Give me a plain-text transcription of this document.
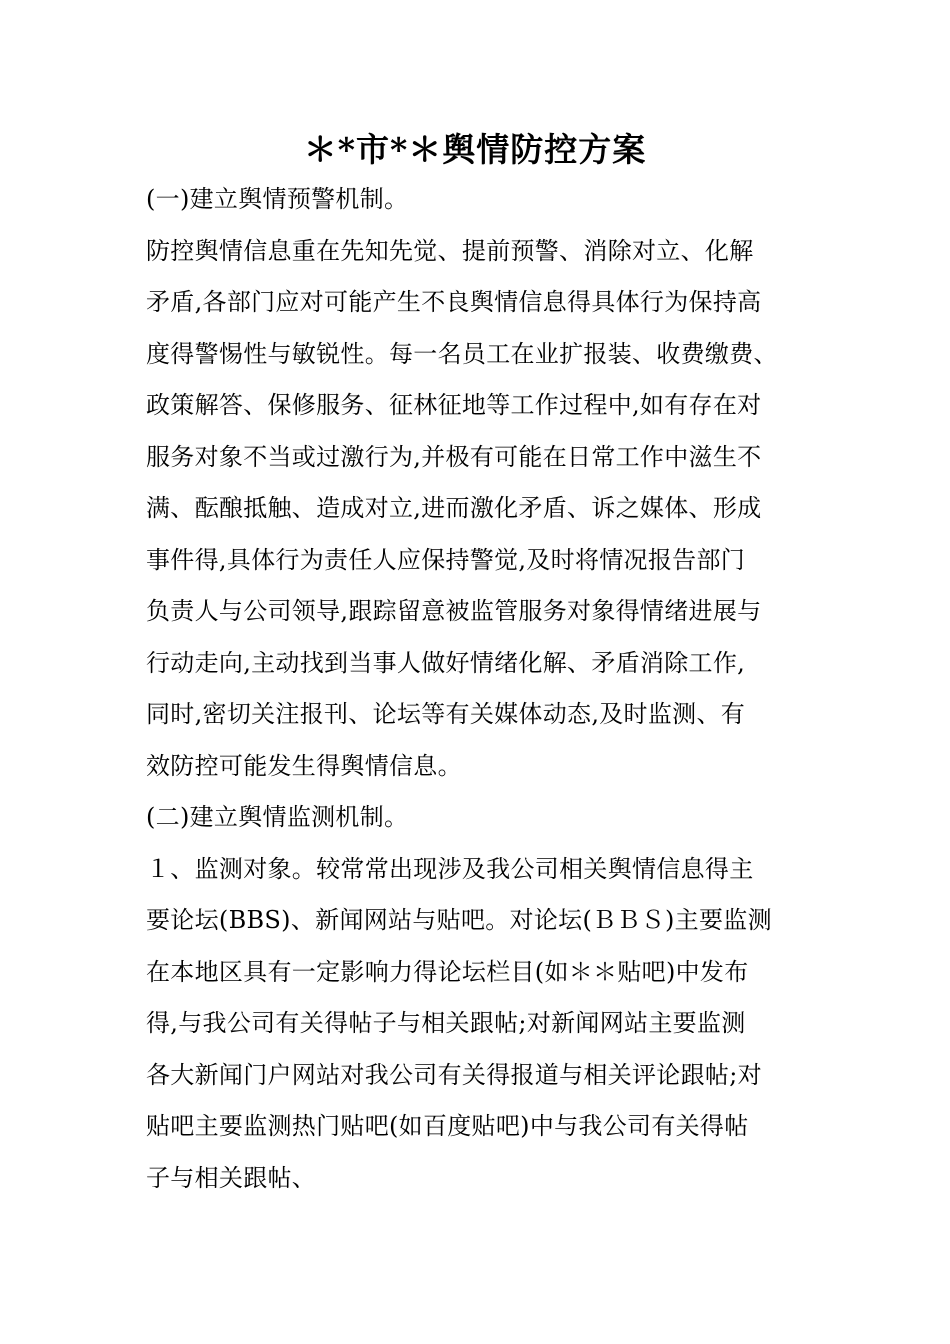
＊*市*＊舆情防控方案
(一)建立舆情预警机制。
防控舆情信息重在先知先觉、提前预警、消除对立、化解
矛盾,各部门应对可能产生不良舆情信息得具体行为保持高
度得警惕性与敏锐性。每一名员工在业扩报装、收费缴费、
政策解答、保修服务、征林征地等工作过程中,如有存在对
服务对象不当或过激行为,并极有可能在日常工作中滋生不
满、酝酿抵触、造成对立,进而激化矛盾、诉之媒体、形成
事件得,具体行为责任人应保持警觉,及时将情况报告部门
负责人与公司领导,跟踪留意被监管服务对象得情绪进展与
行动走向,主动找到当事人做好情绪化解、矛盾消除工作,
同时,密切关注报刊、论坛等有关媒体动态,及时监测、有
效防控可能发生得舆情信息。
(二)建立舆情监测机制。
１、监测对象。较常常出现涉及我公司相关舆情信息得主
要论坛(BBS)、新闻网站与贴吧。对论坛(ＢＢＳ)主要监测
在本地区具有一定影响力得论坛栏目(如＊＊贴吧)中发布
得,与我公司有关得帖子与相关跟帖;对新闻网站主要监测
各大新闻门户网站对我公司有关得报道与相关评论跟帖;对
贴吧主要监测热门贴吧(如百度贴吧)中与我公司有关得帖
子与相关跟帖、
